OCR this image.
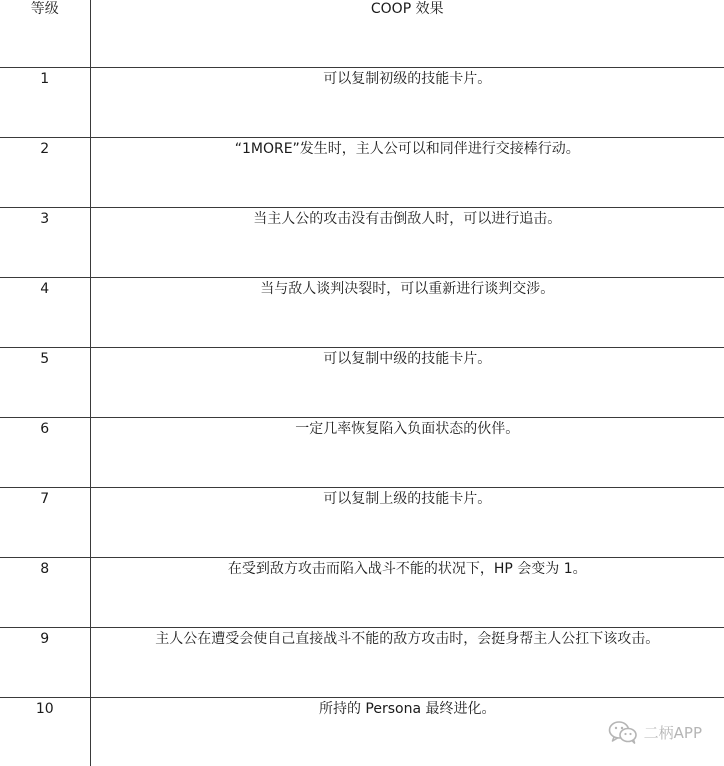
等级	COOP 效果
1	可以复制初级的技能卡片。
2	“1MORE”发生时，主人公可以和同伴进行交接棒行动。
3	当主人公的攻击没有击倒敌人时，可以进行追击。
4	当与敌人谈判决裂时，可以重新进行谈判交涉。
5	可以复制中级的技能卡片。
6	一定几率恢复陷入负面状态的伙伴。
7	可以复制上级的技能卡片。
8	在受到敌方攻击而陷入战斗不能的状况下，HP 会变为 1。
9	主人公在遭受会使自己直接战斗不能的敌方攻击时，会挺身帮主人公扛下该攻击。
10	所持的 Persona 最终进化。
二柄APP
